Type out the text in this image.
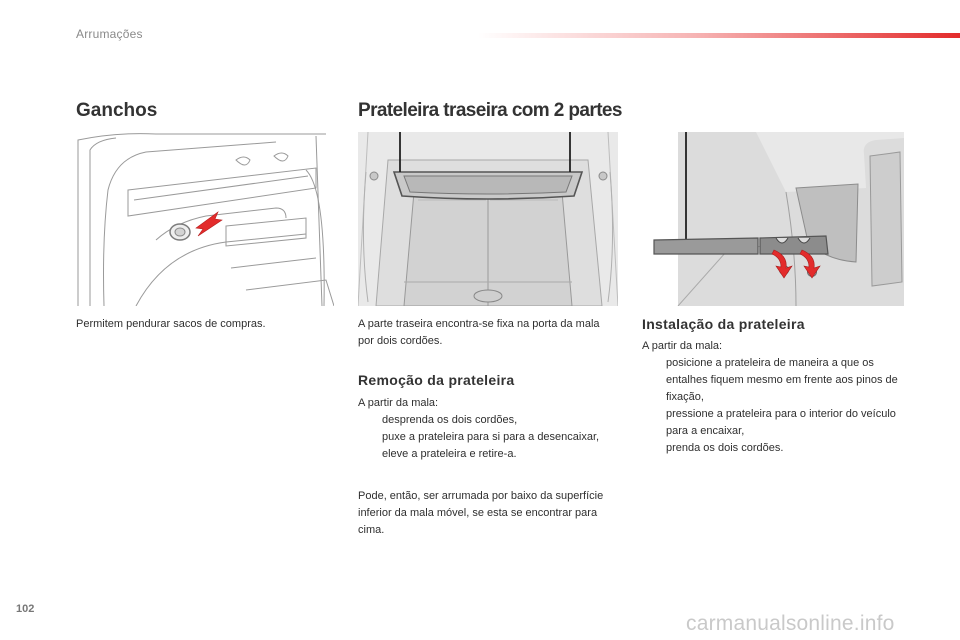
Arrumações
Ganchos	Prateleira traseira com 2 partes

Permitem pendurar sacos de compras.	A parte traseira encontra-se fixa na porta da mala por dois cordões.

Instalação da prateleira
A partir da mala:
posicione a prateleira de maneira a que os entalhes fiquem mesmo em frente aos pinos de fixação,
pressione a prateleira para o interior do veículo para a encaixar,
prenda os dois cordões.
Remoção da prateleira
A partir da mala:
desprenda os dois cordões,
puxe a prateleira para si para a desencaixar,
eleve a prateleira e retire-a.

Pode, então, ser arrumada por baixo da superfície inferior da mala móvel, se esta se encontrar para cima.

102
carmanualsonline.info
